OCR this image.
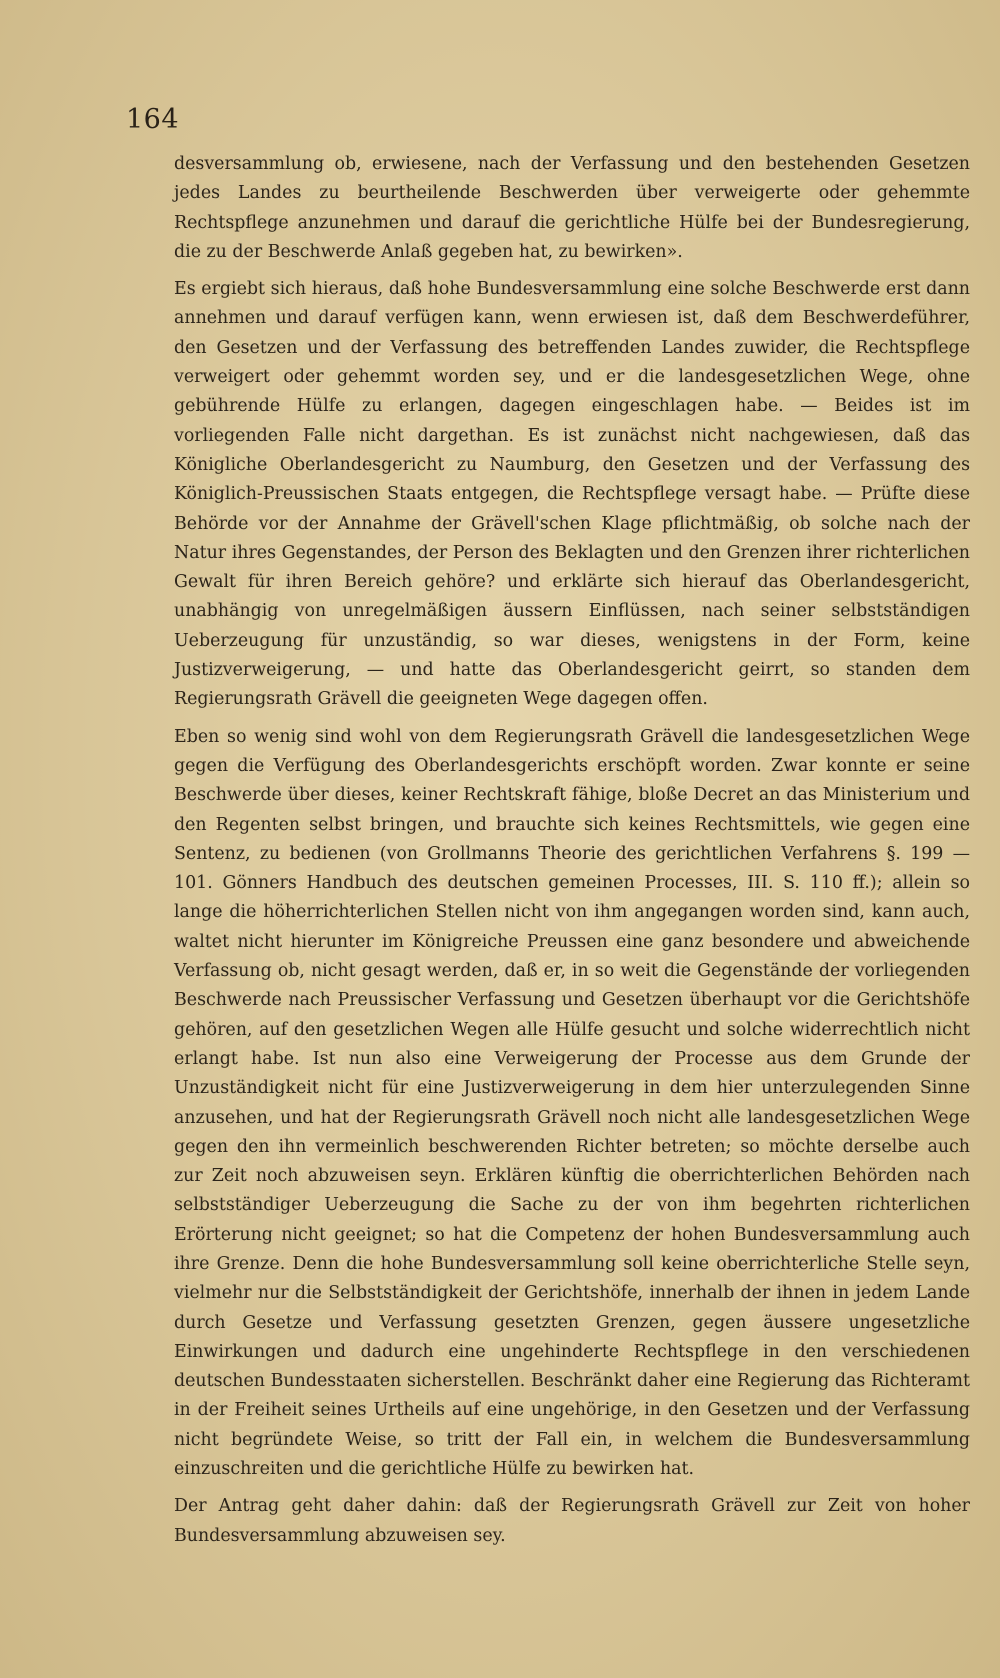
164

desversammlung ob, erwiesene, nach der Verfassung und den bestehenden Gesetzen jedes Landes zu beurtheilende Beschwerden über verweigerte oder gehemmte Rechtspflege anzunehmen und darauf die gerichtliche Hülfe bei der Bundesregierung, die zu der Beschwerde Anlaß gegeben hat, zu bewirken».

Es ergiebt sich hieraus, daß hohe Bundesversammlung eine solche Beschwerde erst dann annehmen und darauf verfügen kann, wenn erwiesen ist, daß dem Beschwerdeführer, den Gesetzen und der Verfassung des betreffenden Landes zuwider, die Rechtspflege verweigert oder gehemmt worden sey, und er die landesgesetzlichen Wege, ohne gebührende Hülfe zu erlangen, dagegen eingeschlagen habe. — Beides ist im vorliegenden Falle nicht dargethan. Es ist zunächst nicht nachgewiesen, daß das Königliche Oberlandesgericht zu Naumburg, den Gesetzen und der Verfassung des Königlich-Preussischen Staats entgegen, die Rechtspflege versagt habe. — Prüfte diese Behörde vor der Annahme der Grävell'schen Klage pflichtmäßig, ob solche nach der Natur ihres Gegenstandes, der Person des Beklagten und den Grenzen ihrer richterlichen Gewalt für ihren Bereich gehöre? und erklärte sich hierauf das Oberlandesgericht, unabhängig von unregelmäßigen äussern Einflüssen, nach seiner selbstständigen Ueberzeugung für unzuständig, so war dieses, wenigstens in der Form, keine Justizverweigerung, — und hatte das Oberlandesgericht geirrt, so standen dem Regierungsrath Grävell die geeigneten Wege dagegen offen.

Eben so wenig sind wohl von dem Regierungsrath Grävell die landesgesetzlichen Wege gegen die Verfügung des Oberlandesgerichts erschöpft worden. Zwar konnte er seine Beschwerde über dieses, keiner Rechtskraft fähige, bloße Decret an das Ministerium und den Regenten selbst bringen, und brauchte sich keines Rechtsmittels, wie gegen eine Sentenz, zu bedienen (von Grollmanns Theorie des gerichtlichen Verfahrens §. 199 — 101. Gönners Handbuch des deutschen gemeinen Processes, III. S. 110 ff.); allein so lange die höherrichterlichen Stellen nicht von ihm angegangen worden sind, kann auch, waltet nicht hierunter im Königreiche Preussen eine ganz besondere und abweichende Verfassung ob, nicht gesagt werden, daß er, in so weit die Gegenstände der vorliegenden Beschwerde nach Preussischer Verfassung und Gesetzen überhaupt vor die Gerichtshöfe gehören, auf den gesetzlichen Wegen alle Hülfe gesucht und solche widerrechtlich nicht erlangt habe. Ist nun also eine Verweigerung der Processe aus dem Grunde der Unzuständigkeit nicht für eine Justizverweigerung in dem hier unterzulegenden Sinne anzusehen, und hat der Regierungsrath Grävell noch nicht alle landesgesetzlichen Wege gegen den ihn vermeinlich beschwerenden Richter betreten; so möchte derselbe auch zur Zeit noch abzuweisen seyn. Erklären künftig die oberrichterlichen Behörden nach selbstständiger Ueberzeugung die Sache zu der von ihm begehrten richterlichen Erörterung nicht geeignet; so hat die Competenz der hohen Bundesversammlung auch ihre Grenze. Denn die hohe Bundesversammlung soll keine oberrichterliche Stelle seyn, vielmehr nur die Selbstständigkeit der Gerichtshöfe, innerhalb der ihnen in jedem Lande durch Gesetze und Verfassung gesetzten Grenzen, gegen äussere ungesetzliche Einwirkungen und dadurch eine ungehinderte Rechtspflege in den verschiedenen deutschen Bundesstaaten sicherstellen. Beschränkt daher eine Regierung das Richteramt in der Freiheit seines Urtheils auf eine ungehörige, in den Gesetzen und der Verfassung nicht begründete Weise, so tritt der Fall ein, in welchem die Bundesversammlung einzuschreiten und die gerichtliche Hülfe zu bewirken hat.

Der Antrag geht daher dahin: daß der Regierungsrath Grävell zur Zeit von hoher Bundesversammlung abzuweisen sey.
